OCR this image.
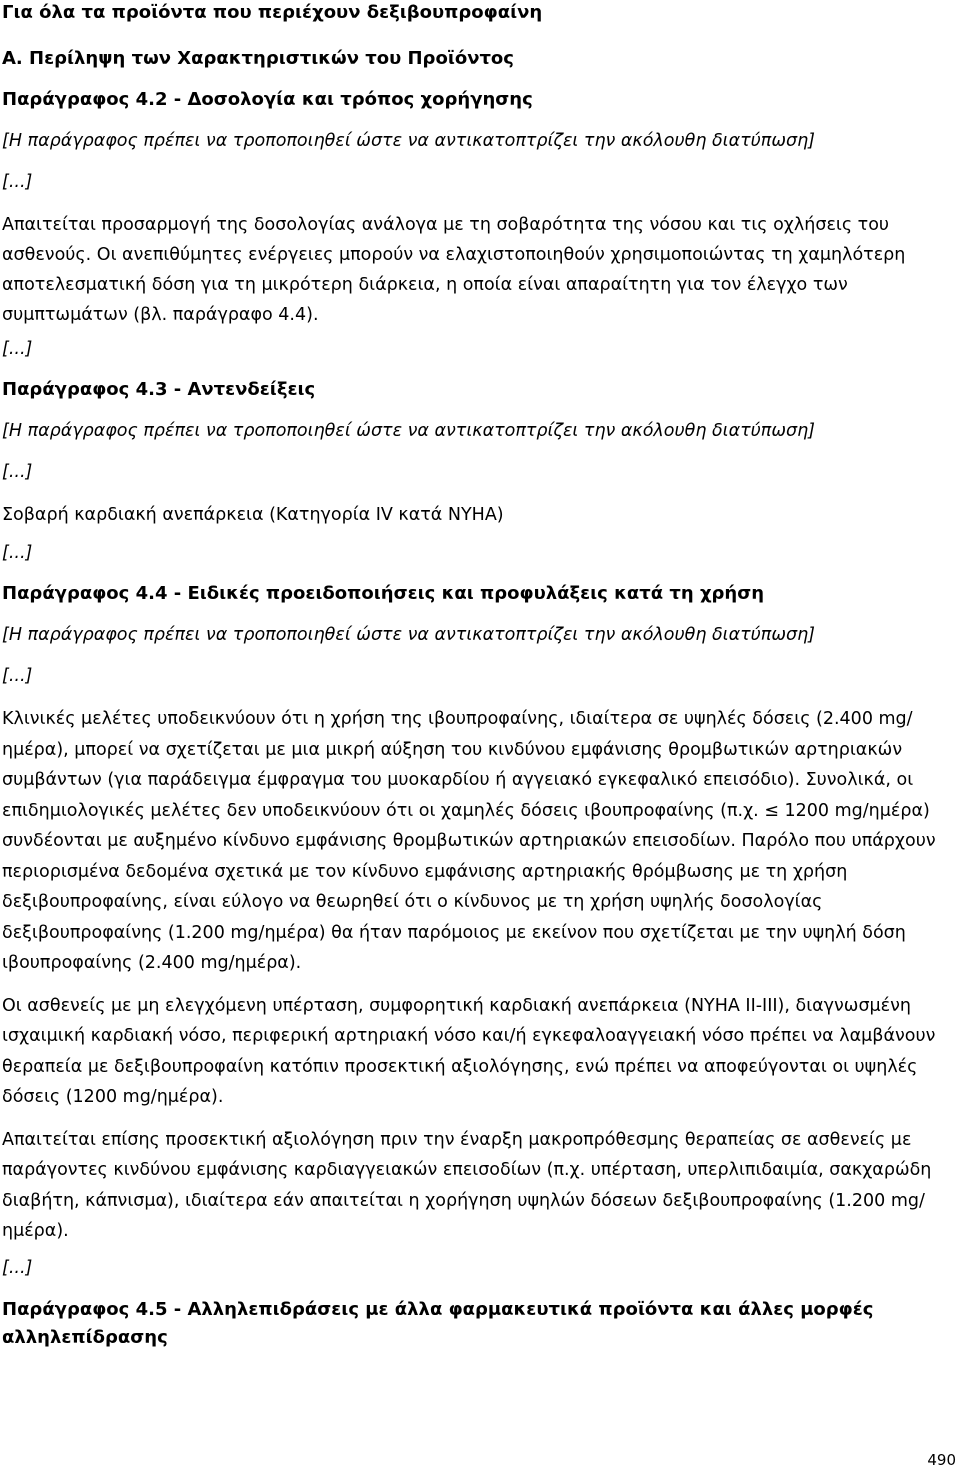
Για όλα τα προϊόντα που περιέχουν δεξιβουπροφαίνη
Α. Περίληψη των Χαρακτηριστικών του Προϊόντος
Παράγραφος 4.2 - Δοσολογία και τρόπος χορήγησης
[Η παράγραφος πρέπει να τροποποιηθεί ώστε να αντικατοπτρίζει την ακόλουθη διατύπωση]
[...]
Απαιτείται προσαρμογή της δοσολογίας ανάλογα με τη σοβαρότητα της νόσου και τις οχλήσεις του ασθενούς. Οι ανεπιθύμητες ενέργειες μπορούν να ελαχιστοποιηθούν χρησιμοποιώντας τη χαμηλότερη αποτελεσματική δόση για τη μικρότερη διάρκεια, η οποία είναι απαραίτητη για τον έλεγχο των συμπτωμάτων (βλ. παράγραφο 4.4).
[...]
Παράγραφος 4.3 - Αντενδείξεις
[Η παράγραφος πρέπει να τροποποιηθεί ώστε να αντικατοπτρίζει την ακόλουθη διατύπωση]
[...]
Σοβαρή καρδιακή ανεπάρκεια (Κατηγορία IV κατά NYHA)
[...]
Παράγραφος 4.4 - Ειδικές προειδοποιήσεις και προφυλάξεις κατά τη χρήση
[Η παράγραφος πρέπει να τροποποιηθεί ώστε να αντικατοπτρίζει την ακόλουθη διατύπωση]
[...]
Κλινικές μελέτες υποδεικνύουν ότι η χρήση της ιβουπροφαίνης, ιδιαίτερα σε υψηλές δόσεις (2.400 mg/ημέρα), μπορεί να σχετίζεται με μια μικρή αύξηση του κινδύνου εμφάνισης θρομβωτικών αρτηριακών συμβάντων (για παράδειγμα έμφραγμα του μυοκαρδίου ή αγγειακό εγκεφαλικό επεισόδιο). Συνολικά, οι επιδημιολογικές μελέτες δεν υποδεικνύουν ότι οι χαμηλές δόσεις ιβουπροφαίνης (π.χ. ≤ 1200 mg/ημέρα) συνδέονται με αυξημένο κίνδυνο εμφάνισης θρομβωτικών αρτηριακών επεισοδίων. Παρόλο που υπάρχουν περιορισμένα δεδομένα σχετικά με τον κίνδυνο εμφάνισης αρτηριακής θρόμβωσης με τη χρήση δεξιβουπροφαίνης, είναι εύλογο να θεωρηθεί ότι ο κίνδυνος με τη χρήση υψηλής δοσολογίας δεξιβουπροφαίνης (1.200 mg/ημέρα) θα ήταν παρόμοιος με εκείνον που σχετίζεται με την υψηλή δόση ιβουπροφαίνης (2.400 mg/ημέρα).
Οι ασθενείς με μη ελεγχόμενη υπέρταση, συμφορητική καρδιακή ανεπάρκεια (NYHA II-III), διαγνωσμένη ισχαιμική καρδιακή νόσο, περιφερική αρτηριακή νόσο και/ή εγκεφαλοαγγειακή νόσο πρέπει να λαμβάνουν θεραπεία με δεξιβουπροφαίνη κατόπιν προσεκτική αξιολόγησης, ενώ πρέπει να αποφεύγονται οι υψηλές δόσεις (1200 mg/ημέρα).
Απαιτείται επίσης προσεκτική αξιολόγηση πριν την έναρξη μακροπρόθεσμης θεραπείας σε ασθενείς με παράγοντες κινδύνου εμφάνισης καρδιαγγειακών επεισοδίων (π.χ. υπέρταση, υπερλιπιδαιμία, σακχαρώδη διαβήτη, κάπνισμα), ιδιαίτερα εάν απαιτείται η χορήγηση υψηλών δόσεων δεξιβουπροφαίνης (1.200 mg/ημέρα).
[...]
Παράγραφος 4.5 - Αλληλεπιδράσεις με άλλα φαρμακευτικά προϊόντα και άλλες μορφές αλληλεπίδρασης
490
